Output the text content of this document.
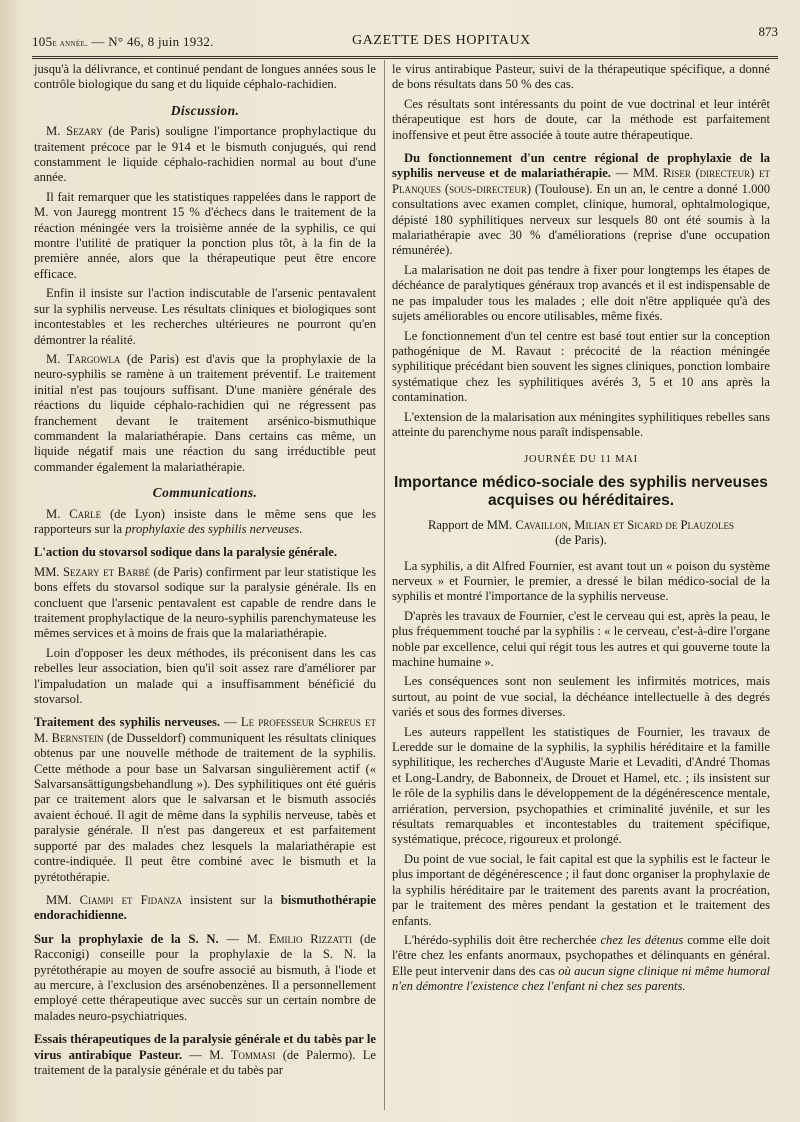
105e année. — N° 46, 8 juin 1932.	GAZETTE DES HOPITAUX
873

jusqu'à la délivrance, et continué pendant de longues années sous le contrôle biologique du sang et du liquide céphalo-rachidien.

Discussion.

M. Sezary (de Paris) souligne l'importance prophylactique du traitement précoce par le 914 et le bismuth conjugués, qui rend constamment le liquide céphalo-rachidien normal au bout d'une année.

Il fait remarquer que les statistiques rappelées dans le rapport de M. von Jauregg montrent 15 % d'échecs dans le traitement de la réaction méningée vers la troisième année de la syphilis, ce qui montre l'utilité de pratiquer la ponction plus tôt, à la fin de la première année, alors que la thérapeutique peut être encore efficace.

Enfin il insiste sur l'action indiscutable de l'arsenic pentavalent sur la syphilis nerveuse. Les résultats cliniques et biologiques sont incontestables et les recherches ultérieures ne pourront qu'en démontrer la réalité.

M. Targowla (de Paris) est d'avis que la prophylaxie de la neuro-syphilis se ramène à un traitement préventif. Le traitement initial n'est pas toujours suffisant. D'une manière générale des réactions du liquide céphalo-rachidien qui ne régressent pas franchement devant le traitement arsénico-bismuthique commandent la malariathérapie. Dans certains cas même, un liquide négatif mais une réaction du sang irréductible peut commander également la malariathérapie.

Communications.

M. Carle (de Lyon) insiste dans le même sens que les rapporteurs sur la prophylaxie des syphilis nerveuses.

L'action du stovarsol sodique dans la paralysie générale.

MM. Sezary et Barbé (de Paris) confirment par leur statistique les bons effets du stovarsol sodique sur la paralysie générale. Ils en concluent que l'arsenic pentavalent est capable de rendre dans le traitement prophylactique de la neuro-syphilis parenchymateuse les mêmes services et à moins de frais que la malariathérapie.

Loin d'opposer les deux méthodes, ils préconisent dans les cas rebelles leur association, bien qu'il soit assez rare d'améliorer par l'impaludation un malade qui a insuffisamment bénéficié du stovarsol.

Traitement des syphilis nerveuses. — Le professeur Schreus et M. Bernstein (de Dusseldorf) communiquent les résultats cliniques obtenus par une nouvelle méthode de traitement de la syphilis. Cette méthode a pour base un Salvarsan singulièrement actif (« Salvarsansättigungsbehandlung »). Des syphilitiques ont été guéris par ce traitement alors que le salvarsan et le bismuth associés avaient échoué. Il agit de même dans la syphilis nerveuse, tabès et paralysie générale. Il n'est pas dangereux et est parfaitement supporté par des malades chez lesquels la malariathérapie est contre-indiquée. Il peut être combiné avec le bismuth et la pyrétothérapie.

MM. Ciampi et Fidanza insistent sur la bismuthothérapie endorachidienne.

Sur la prophylaxie de la S. N. — M. Emilio Rizzatti (de Racconigi) conseille pour la prophylaxie de la S. N. la pyrétothérapie au moyen de soufre associé au bismuth, à l'iode et au mercure, à l'exclusion des arsénobenzènes. Il a personnellement employé cette thérapeutique avec succès sur un certain nombre de malades neuro-psychiatriques.

Essais thérapeutiques de la paralysie générale et du tabès par le virus antirabique Pasteur. — M. Tommasi (de Palermo). Le traitement de la paralysie générale et du tabès par

le virus antirabique Pasteur, suivi de la thérapeutique spécifique, a donné de bons résultats dans 50 % des cas.

Ces résultats sont intéressants du point de vue doctrinal et leur intérêt thérapeutique est hors de doute, car la méthode est parfaitement inoffensive et peut être associée à toute autre thérapeutique.

Du fonctionnement d'un centre régional de prophylaxie de la syphilis nerveuse et de malariathérapie. — MM. Riser (directeur) et Planques (sous-directeur) (Toulouse). En un an, le centre a donné 1.000 consultations avec examen complet, clinique, humoral, ophtalmologique, dépisté 180 syphilitiques nerveux sur lesquels 80 ont été soumis à la malariathérapie avec 30 % d'améliorations (reprise d'une occupation rémunérée).

La malarisation ne doit pas tendre à fixer pour longtemps les étapes de déchéance de paralytiques généraux trop avancés et il est indispensable de ne pas impaluder tous les malades ; elle doit n'être appliquée qu'à des sujets améliorables ou encore utilisables, même fixés.

Le fonctionnement d'un tel centre est basé tout entier sur la conception pathogénique de M. Ravaut : précocité de la réaction méningée syphilitique précédant bien souvent les signes cliniques, ponction lombaire systématique chez les syphilitiques avérés 3, 5 et 10 ans après la contamination.

L'extension de la malarisation aux méningites syphilitiques rebelles sans atteinte du parenchyme nous paraît indispensable.

JOURNÉE DU 11 MAI
Importance médico-sociale des syphilis nerveuses acquises ou héréditaires.
Rapport de MM. Cavaillon, Milian et Sicard de Plauzoles
(de Paris).

La syphilis, a dit Alfred Fournier, est avant tout un « poison du système nerveux » et Fournier, le premier, a dressé le bilan médico-social de la syphilis et montré l'importance de la syphilis nerveuse.

D'après les travaux de Fournier, c'est le cerveau qui est, après la peau, le plus fréquemment touché par la syphilis : « le cerveau, c'est-à-dire l'organe noble par excellence, celui qui régit tous les autres et qui gouverne toute la machine humaine ».

Les conséquences sont non seulement les infirmités motrices, mais surtout, au point de vue social, la déchéance intellectuelle à des degrés variés et sous des formes diverses.

Les auteurs rappellent les statistiques de Fournier, les travaux de Leredde sur le domaine de la syphilis, la syphilis héréditaire et la famille syphilitique, les recherches d'Auguste Marie et Levaditi, d'André Thomas et Long-Landry, de Babonneix, de Drouet et Hamel, etc. ; ils insistent sur le rôle de la syphilis dans le développement de la dégénérescence mentale, arriération, perversion, psychopathies et criminalité juvénile, et sur les résultats remarquables et incontestables du traitement spécifique, systématique, précoce, rigoureux et prolongé.

Du point de vue social, le fait capital est que la syphilis est le facteur le plus important de dégénérescence ; il faut donc organiser la prophylaxie de la syphilis héréditaire par le traitement des parents avant la procréation, par le traitement des mères pendant la gestation et le traitement des enfants.

L'hérédo-syphilis doit être recherchée chez les détenus comme elle doit l'être chez les enfants anormaux, psychopathes et délinquants en général. Elle peut intervenir dans des cas où aucun signe clinique ni même humoral n'en démontre l'existence chez l'enfant ni chez ses parents.
